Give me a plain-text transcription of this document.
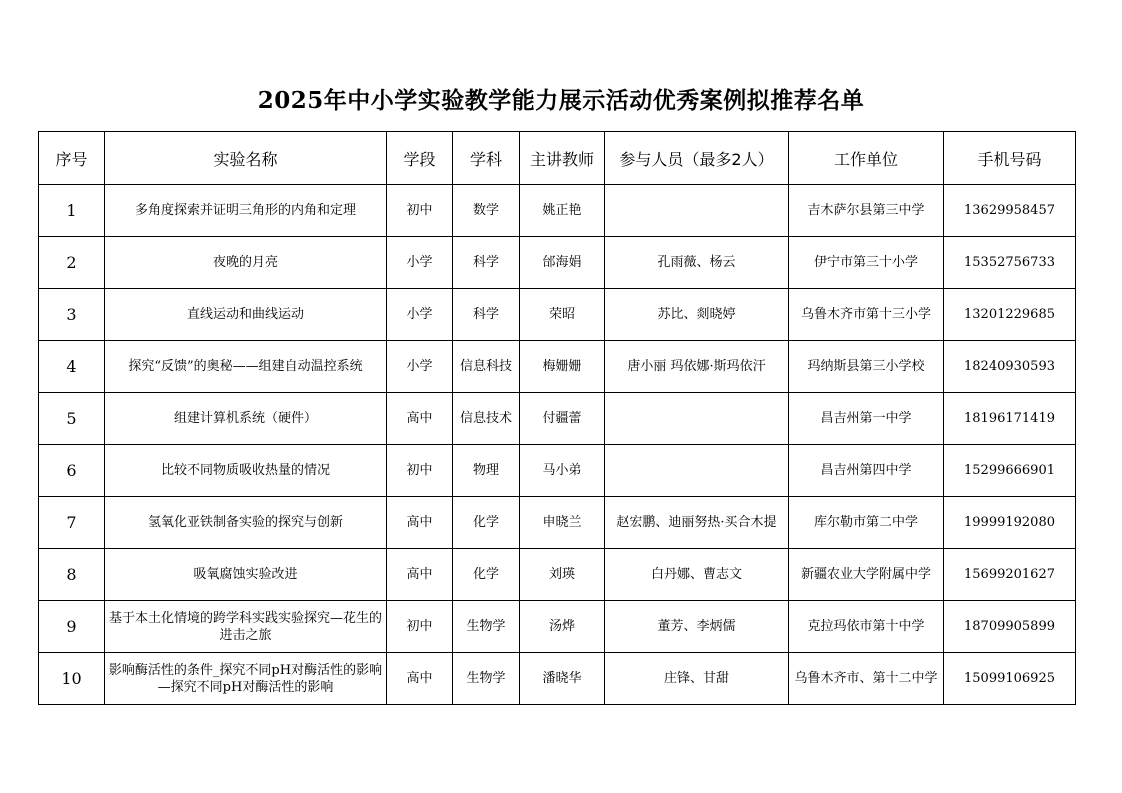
2025年中小学实验教学能力展示活动优秀案例拟推荐名单
序号	实验名称	学段	学科	主讲教师	参与人员（最多2人）	工作单位	手机号码
1	多角度探索并证明三角形的内角和定理	初中	数学	姚正艳		吉木萨尔县第三中学	13629958457
2	夜晚的月亮	小学	科学	邰海娟	孔雨薇、杨云	伊宁市第三十小学	15352756733
3	直线运动和曲线运动	小学	科学	荣昭	苏比、剡晓婷	乌鲁木齐市第十三小学	13201229685
4	探究“反馈”的奥秘——组建自动温控系统	小学	信息科技	梅姗姗	唐小丽 玛依娜·斯玛依汗	玛纳斯县第三小学校	18240930593
5	组建计算机系统（硬件）	高中	信息技术	付疆蕾		昌吉州第一中学	18196171419
6	比较不同物质吸收热量的情况	初中	物理	马小弟		昌吉州第四中学	15299666901
7	氢氧化亚铁制备实验的探究与创新	高中	化学	申晓兰	赵宏鹏、迪丽努热·买合木提	库尔勒市第二中学	19999192080
8	吸氧腐蚀实验改进	高中	化学	刘瑛	白丹娜、曹志文	新疆农业大学附属中学	15699201627
9	基于本土化情境的跨学科实践实验探究—花生的进击之旅	初中	生物学	汤烨	董芳、李炳儒	克拉玛依市第十中学	18709905899
10	影响酶活性的条件_探究不同pH对酶活性的影响 —探究不同pH对酶活性的影响	高中	生物学	潘晓华	庄锋、甘甜	乌鲁木齐市、第十二中学	15099106925
